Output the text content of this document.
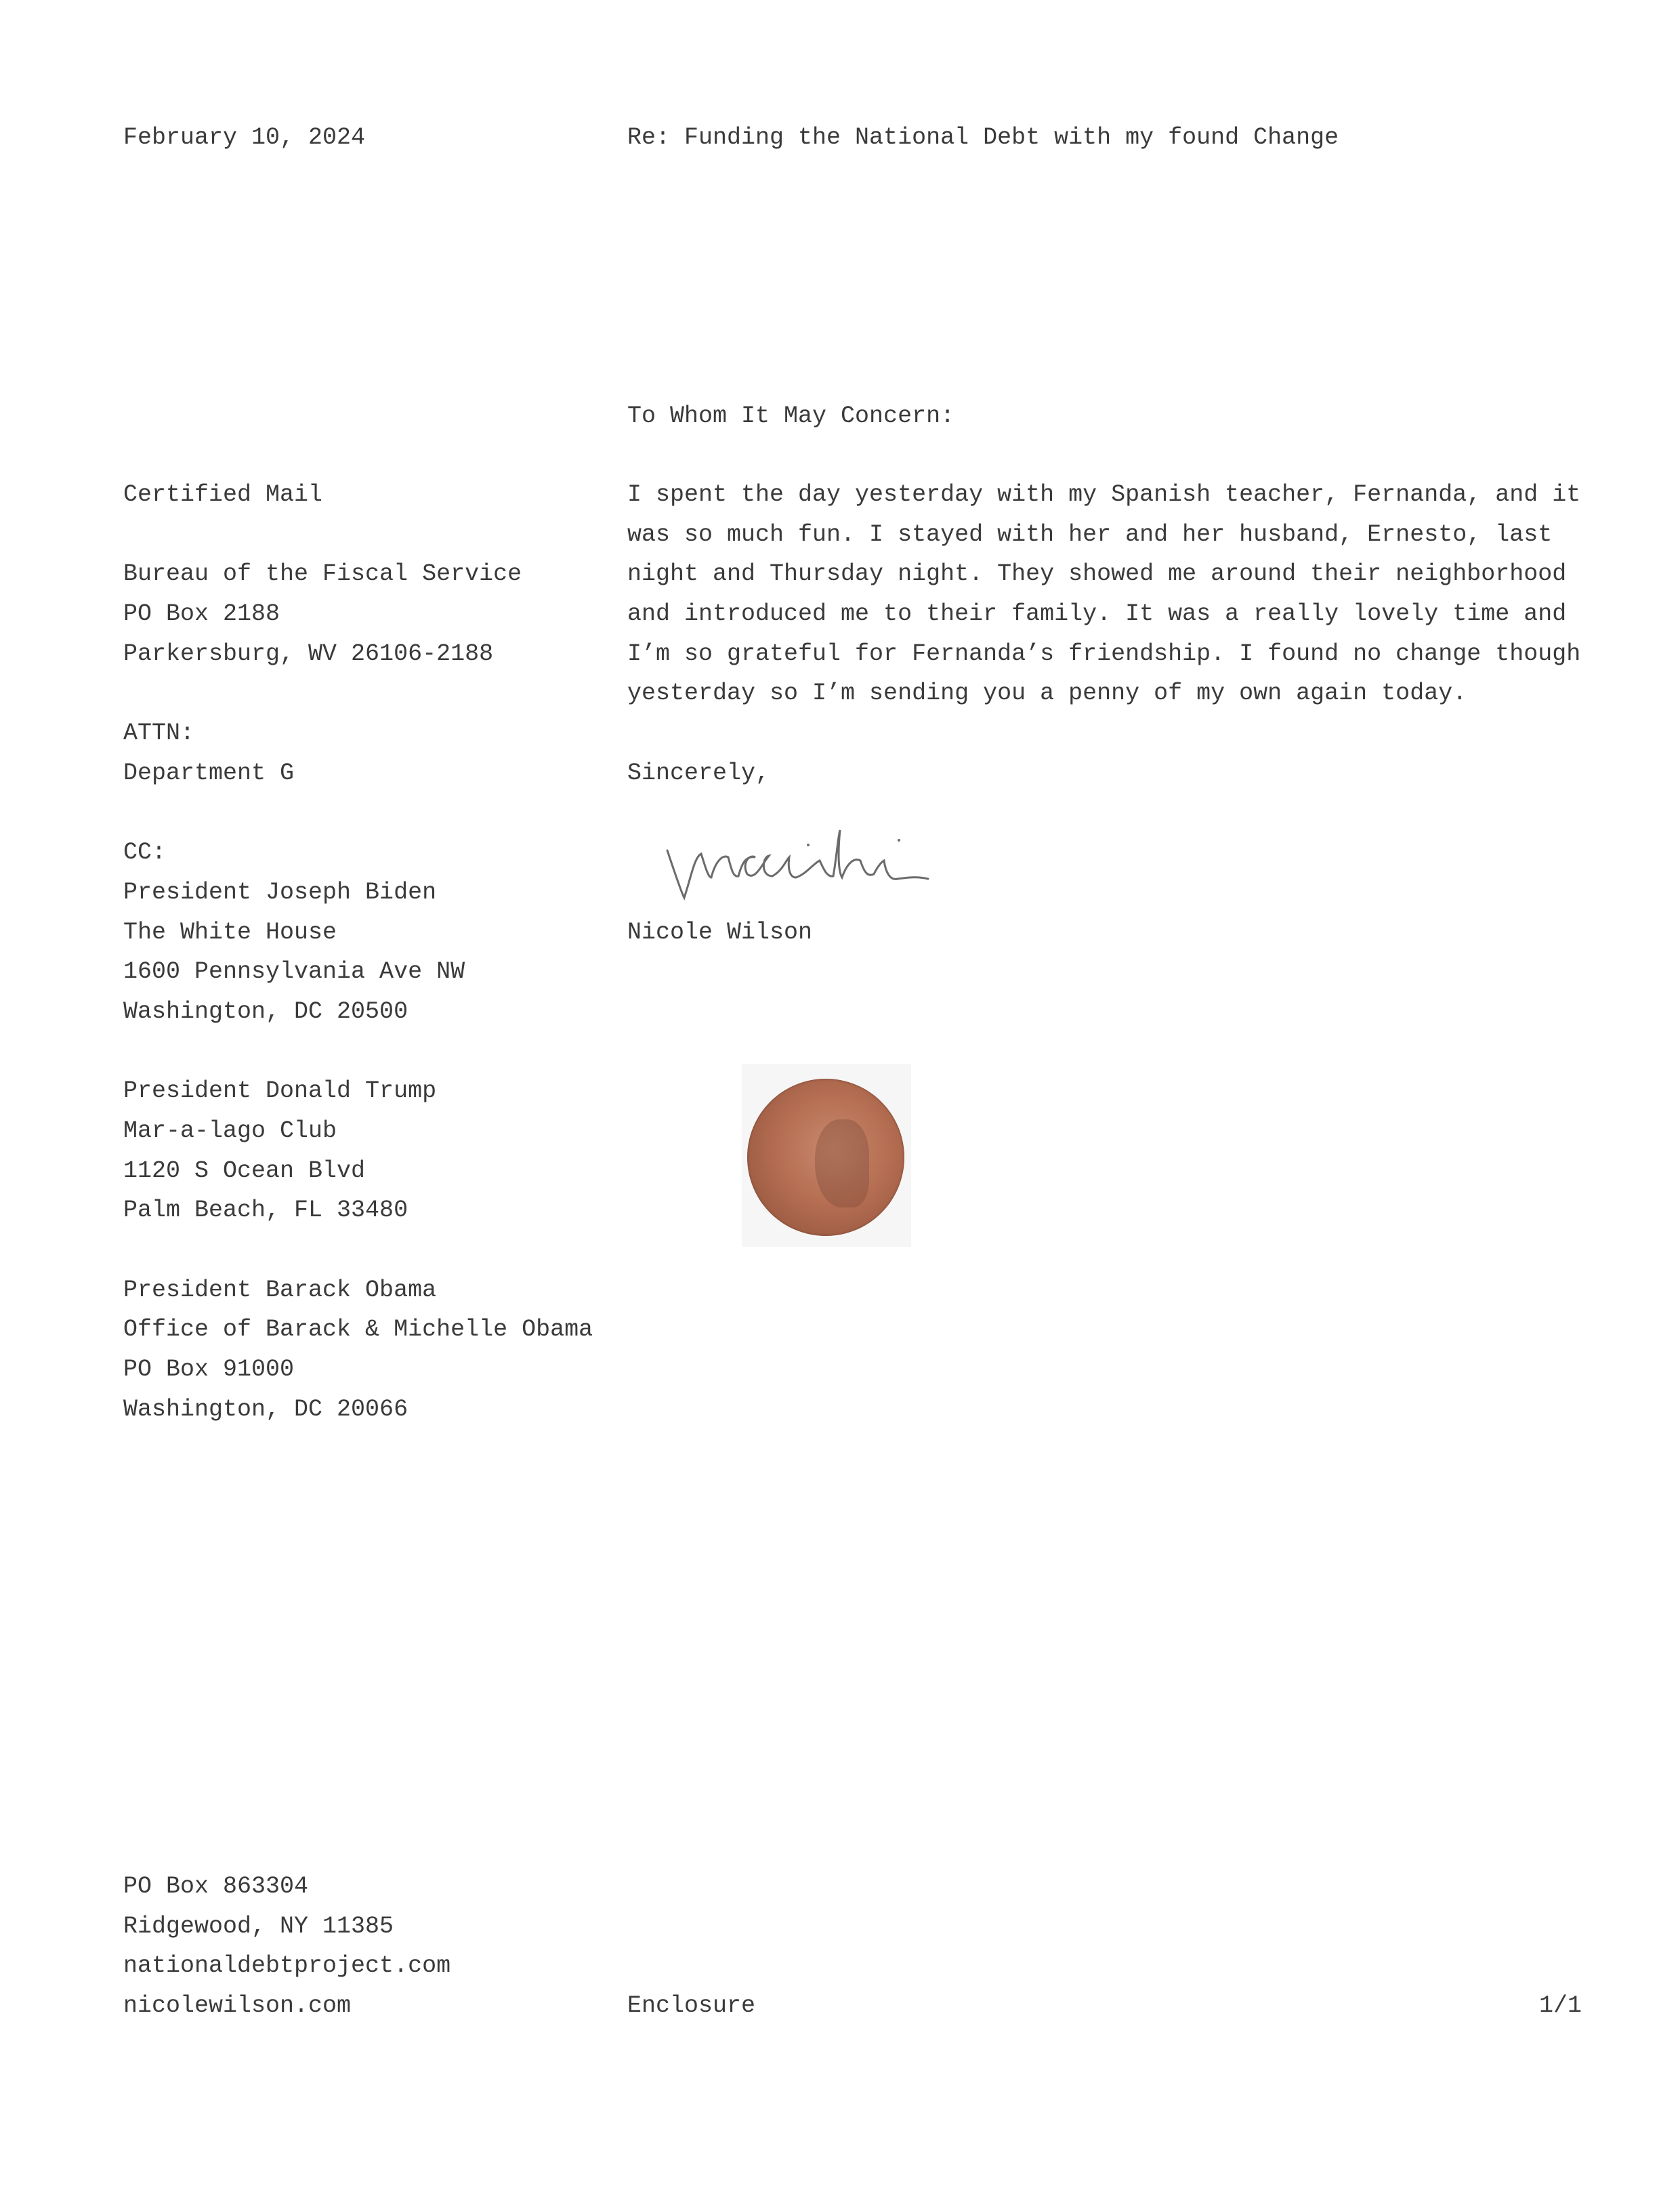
February 10, 2024	Re: Funding the National Debt with my found Change
To Whom It May Concern:
Certified Mail
Bureau of the Fiscal Service
PO Box 2188
Parkersburg, WV 26106-2188
ATTN:
Department G
CC:
President Joseph Biden
The White House
1600 Pennsylvania Ave NW
Washington, DC 20500
President Donald Trump
Mar-a-lago Club
1120 S Ocean Blvd
Palm Beach, FL 33480
President Barack Obama
Office of Barack & Michelle Obama
PO Box 91000
Washington, DC 20066
I spent the day yesterday with my Spanish teacher, Fernanda, and it
was so much fun. I stayed with her and her husband, Ernesto, last
night and Thursday night. They showed me around their neighborhood
and introduced me to their family. It was a really lovely time and
I’m so grateful for Fernanda’s friendship. I found no change though
yesterday so I’m sending you a penny of my own again today.
Sincerely,
Nicole Wilson
PO Box 863304
Ridgewood, NY 11385
nationaldebtproject.com
nicolewilson.com	Enclosure	1/1
